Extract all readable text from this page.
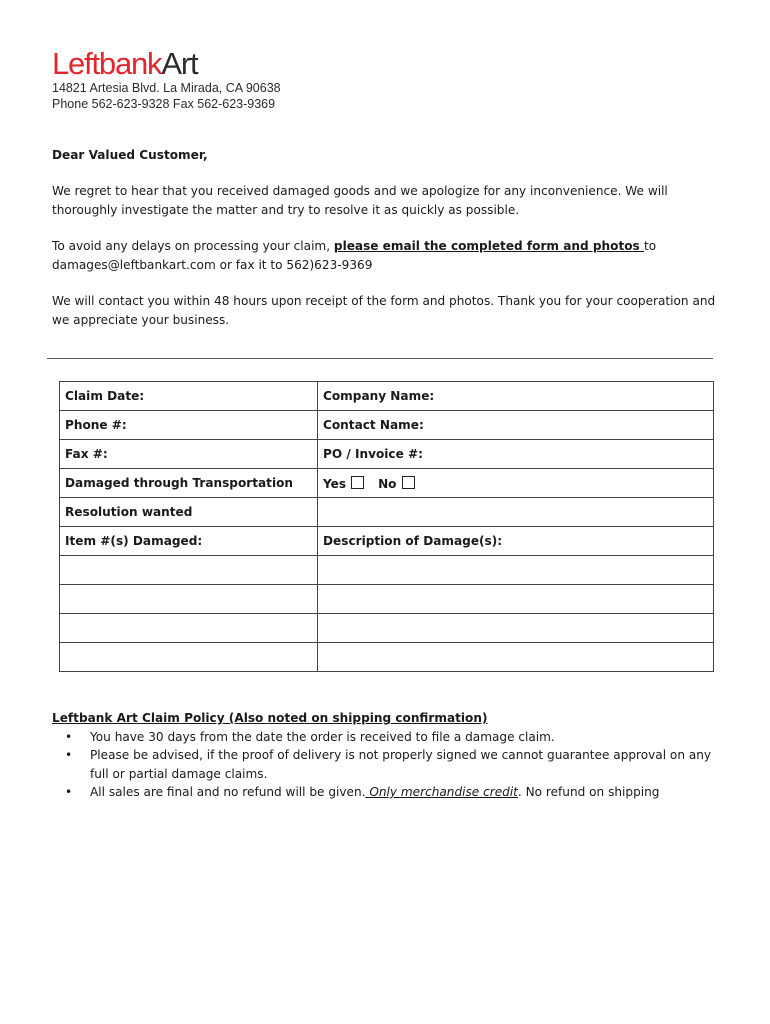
LeftbankArt
14821 Artesia Blvd. La Mirada, CA 90638
Phone 562-623-9328 Fax 562-623-9369

Dear Valued Customer,

We regret to hear that you received damaged goods and we apologize for any inconvenience. We will thoroughly investigate the matter and try to resolve it as quickly as possible.

To avoid any delays on processing your claim, please email the completed form and photos to damages@leftbankart.com or fax it to 562)623-9369

We will contact you within 48 hours upon receipt of the form and photos. Thank you for your cooperation and we appreciate your business.

Claim Date:	Company Name:
Phone #:	Contact Name:
Fax #:	PO / Invoice #:
Damaged through Transportation	Yes No
Resolution wanted	
Item #(s) Damaged:	Description of Damage(s):

Leftbank Art Claim Policy (Also noted on shipping confirmation)
• You have 30 days from the date the order is received to file a damage claim.
• Please be advised, if the proof of delivery is not properly signed we cannot guarantee approval on any full or partial damage claims.
• All sales are final and no refund will be given. Only merchandise credit. No refund on shipping
